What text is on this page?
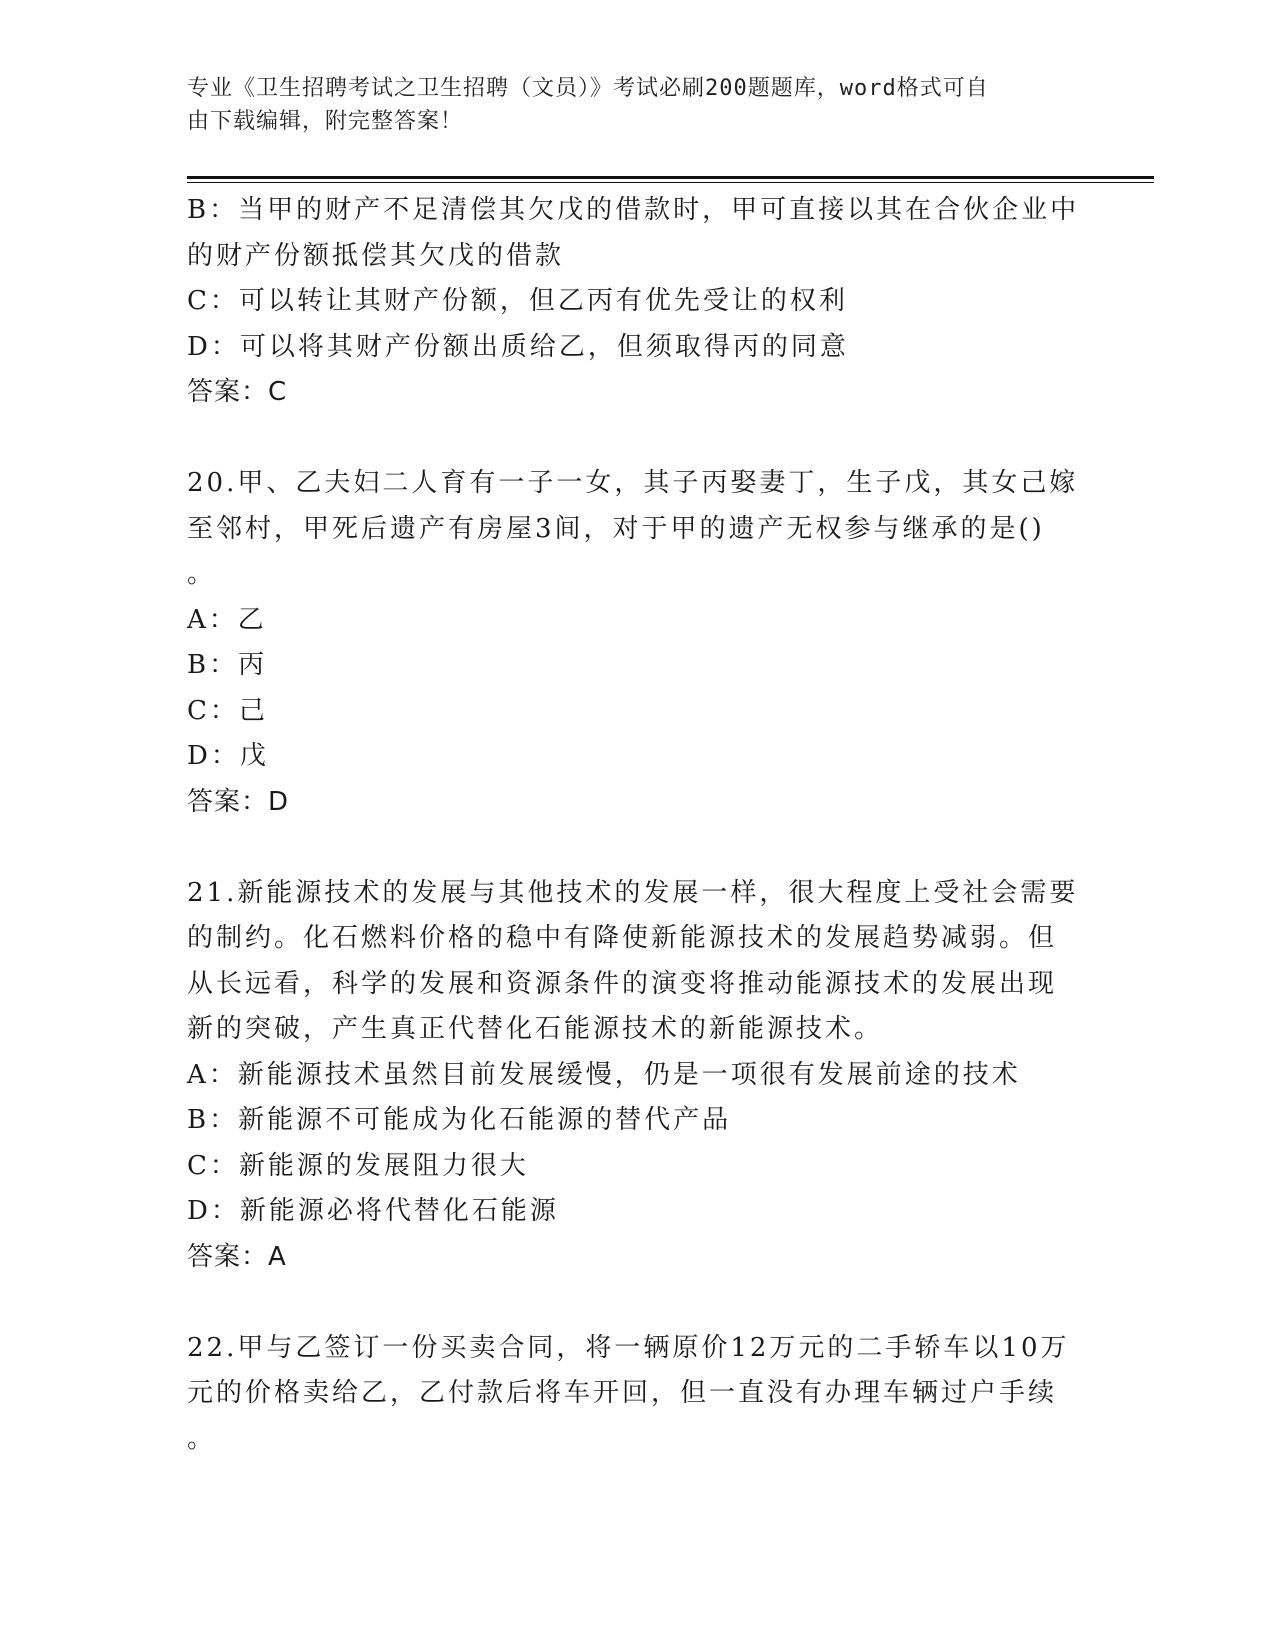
专业《卫生招聘考试之卫生招聘（文员）》考试必刷200题题库，word格式可自
由下载编辑，附完整答案！
B：当甲的财产不足清偿其欠戊的借款时，甲可直接以其在合伙企业中
的财产份额抵偿其欠戊的借款
C：可以转让其财产份额，但乙丙有优先受让的权利
D：可以将其财产份额出质给乙，但须取得丙的同意
答案：C
20.甲、乙夫妇二人育有一子一女，其子丙娶妻丁，生子戊，其女己嫁
至邻村，甲死后遗产有房屋3间，对于甲的遗产无权参与继承的是()
。
A：乙
B：丙
C：己
D：戊
答案：D
21.新能源技术的发展与其他技术的发展一样，很大程度上受社会需要
的制约。化石燃料价格的稳中有降使新能源技术的发展趋势减弱。但
从长远看，科学的发展和资源条件的演变将推动能源技术的发展出现
新的突破，产生真正代替化石能源技术的新能源技术。
A：新能源技术虽然目前发展缓慢，仍是一项很有发展前途的技术
B：新能源不可能成为化石能源的替代产品
C：新能源的发展阻力很大
D：新能源必将代替化石能源
答案：A
22.甲与乙签订一份买卖合同，将一辆原价12万元的二手轿车以10万
元的价格卖给乙，乙付款后将车开回，但一直没有办理车辆过户手续
。
